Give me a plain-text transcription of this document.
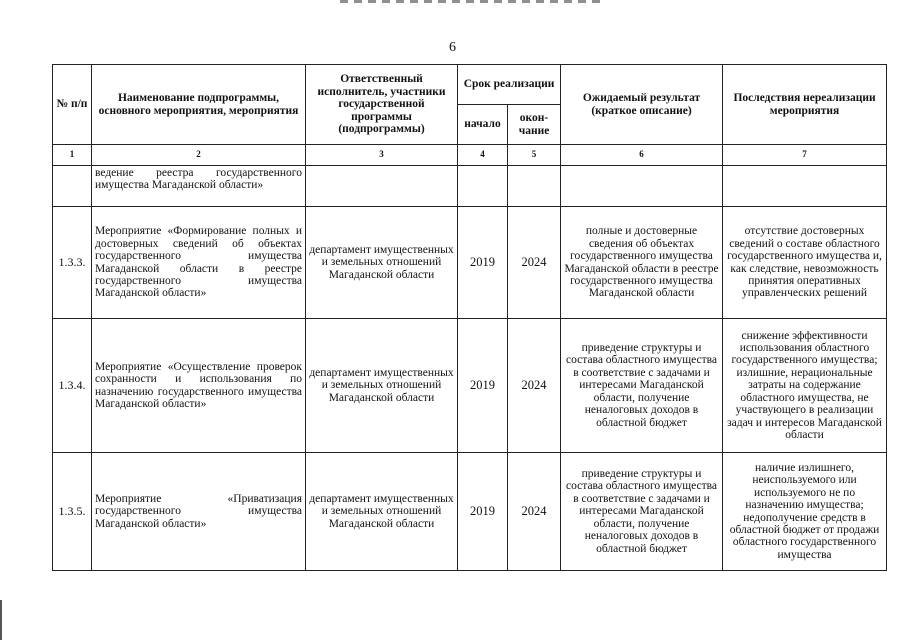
6
№ п/п	Наименование подпрограммы, основного мероприятия, мероприятия	Ответственный исполнитель, участники государственной программы (подпрограммы)	Срок реализации		Ожидаемый результат (краткое описание)	Последствия нереализации мероприятия
			начало	окон-чание		
1	2	3	4	5	6	7
	ведение реестра государственного имущества Магаданской области»					
1.3.3.	Мероприятие «Формирование полных и достоверных сведений об объектах государственного имущества Магаданской области в реестре государственного имущества Магаданской области»	департамент имущественных и земельных отношений Магаданской области	2019	2024	полные и достоверные сведения об объектах государственного имущества Магаданской области в реестре государственного имущества Магаданской области	отсутствие достоверных сведений о составе областного государственного имущества и, как следствие, невозможность принятия оперативных управленческих решений
1.3.4.	Мероприятие «Осуществление проверок сохранности и использования по назначению государственного имущества Магаданской области»	департамент имущественных и земельных отношений Магаданской области	2019	2024	приведение структуры и состава областного имущества в соответствие с задачами и интересами Магаданской области, получение неналоговых доходов в областной бюджет	снижение эффективности использования областного государственного имущества; излишние, нерациональные затраты на содержание областного имущества, не участвующего в реализации задач и интересов Магаданской области
1.3.5.	Мероприятие «Приватизация государственного имущества Магаданской области»	департамент имущественных и земельных отношений Магаданской области	2019	2024	приведение структуры и состава областного имущества в соответствие с задачами и интересами Магаданской области, получение неналоговых доходов в областной бюджет	наличие излишнего, неиспользуемого или используемого не по назначению имущества; недополучение средств в областной бюджет от продажи областного государственного имущества
